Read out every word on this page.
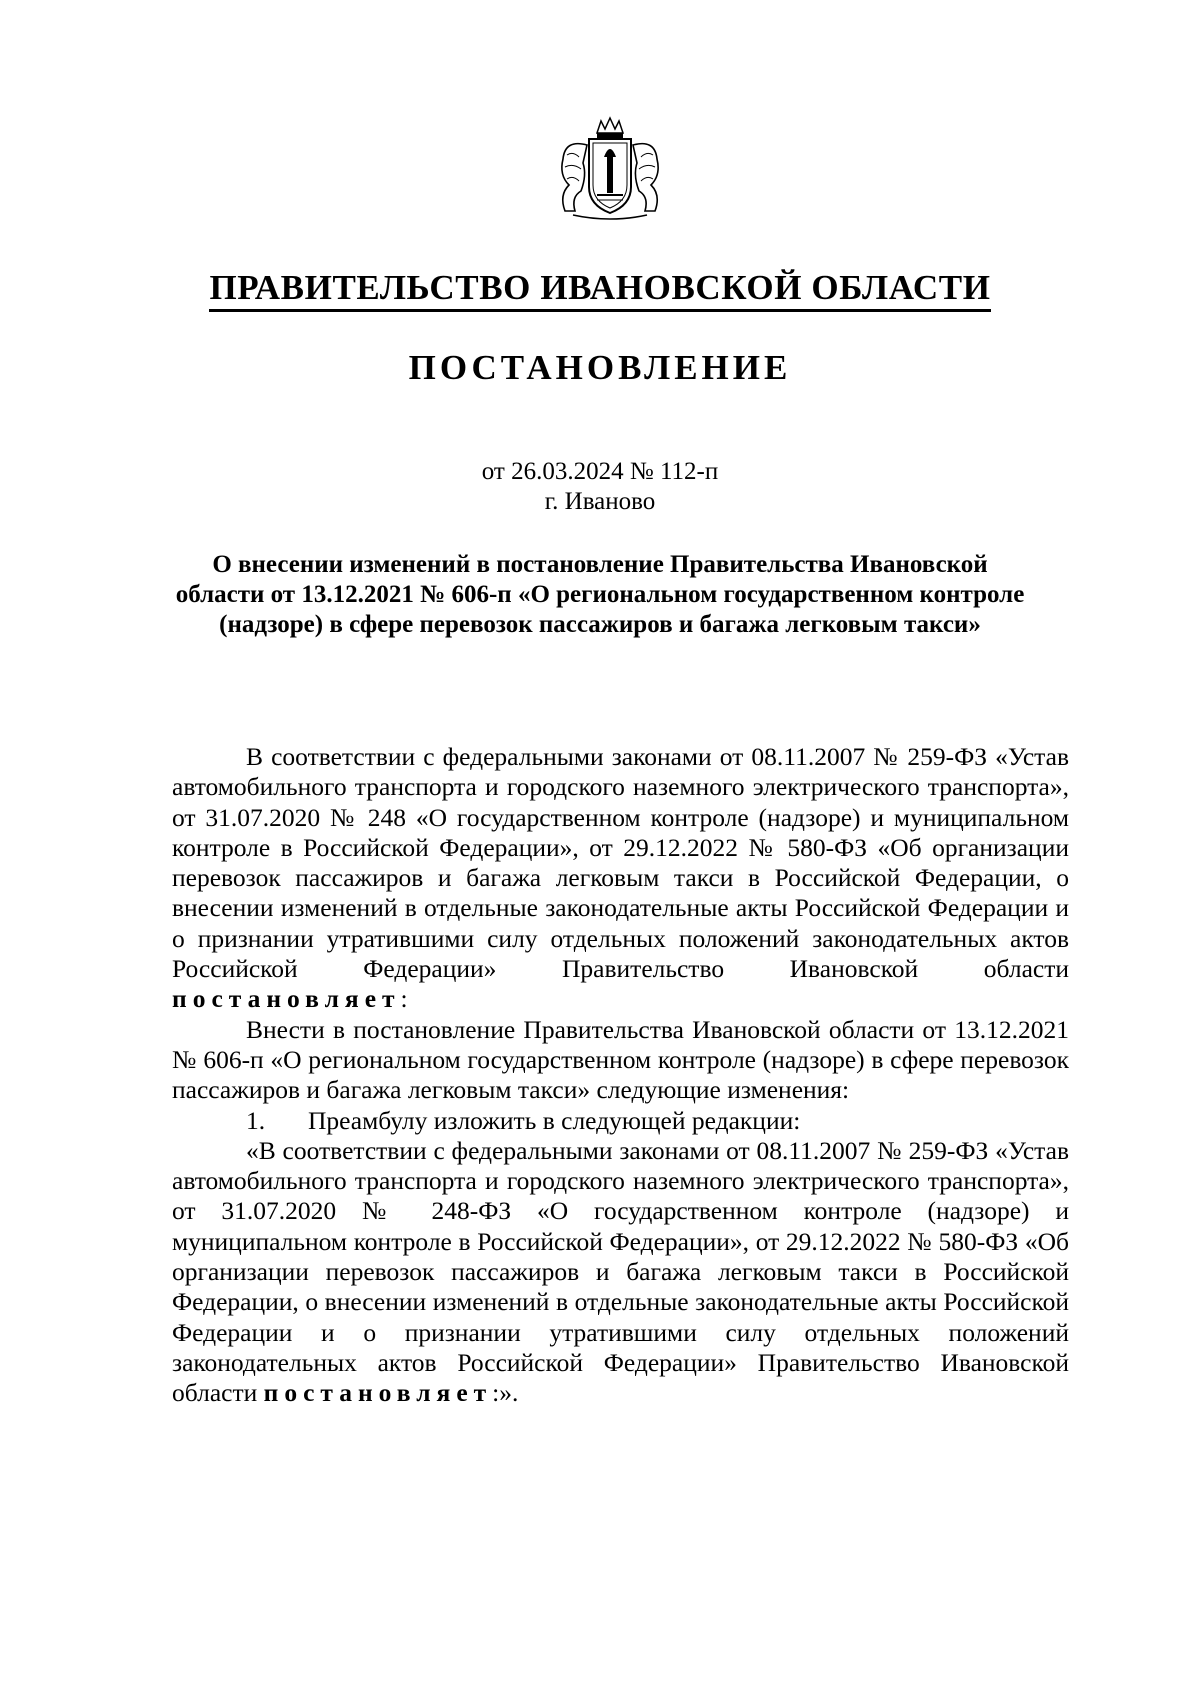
ПРАВИТЕЛЬСТВО ИВАНОВСКОЙ ОБЛАСТИ
ПОСТАНОВЛЕНИЕ
от 26.03.2024 № 112-п
г. Иваново
О внесении изменений в постановление Правительства Ивановской области от 13.12.2021 № 606-п «О региональном государственном контроле (надзоре) в сфере перевозок пассажиров и багажа легковым такси»

В соответствии с федеральными законами от 08.11.2007 № 259-ФЗ «Устав автомобильного транспорта и городского наземного электрического транспорта», от 31.07.2020 № 248 «О государственном контроле (надзоре) и муниципальном контроле в Российской Федерации», от 29.12.2022 № 580-ФЗ «Об организации перевозок пассажиров и багажа легковым такси в Российской Федерации, о внесении изменений в отдельные законодательные акты Российской Федерации и о признании утратившими силу отдельных положений законодательных актов Российской Федерации» Правительство Ивановской области постановляет:

Внести в постановление Правительства Ивановской области от 13.12.2021 № 606-п «О региональном государственном контроле (надзоре) в сфере перевозок пассажиров и багажа легковым такси» следующие изменения:

1. Преамбулу изложить в следующей редакции:

«В соответствии с федеральными законами от 08.11.2007 № 259-ФЗ «Устав автомобильного транспорта и городского наземного электрического транспорта», от 31.07.2020 № 248-ФЗ «О государственном контроле (надзоре) и муниципальном контроле в Российской Федерации», от 29.12.2022 № 580-ФЗ «Об организации перевозок пассажиров и багажа легковым такси в Российской Федерации, о внесении изменений в отдельные законодательные акты Российской Федерации и о признании утратившими силу отдельных положений законодательных актов Российской Федерации» Правительство Ивановской области постановляет:».
